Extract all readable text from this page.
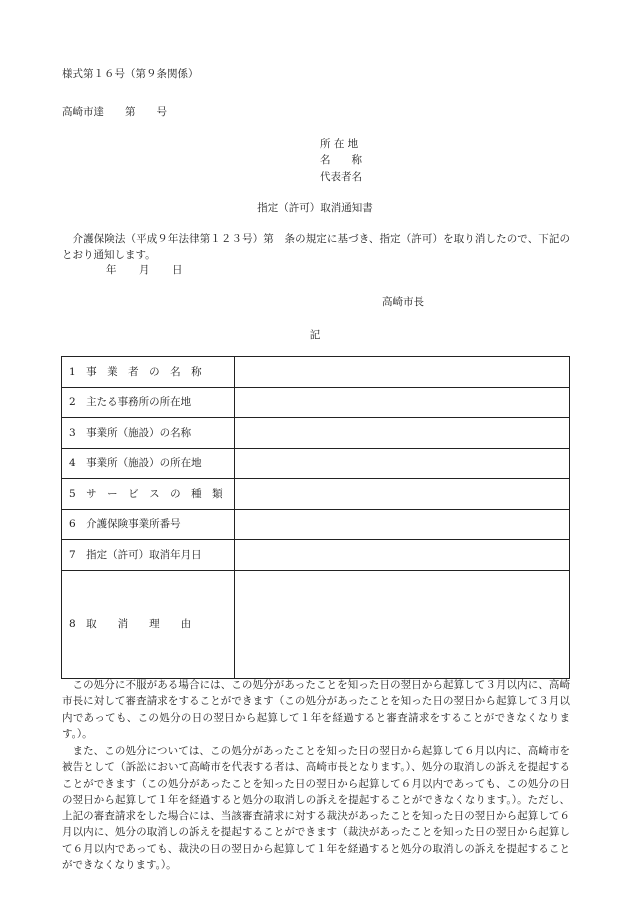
様式第１６号（第９条関係）
高崎市達　　第　　号
所 在 地
名　　称
代表者名
指定（許可）取消通知書
介護保険法（平成９年法律第１２３号）第　条の規定に基づき、指定（許可）を取り消したので、下記のとおり通知します。
年　　月　　日
高崎市長
記
1　事　業　者　の　名　称	
2　主たる事務所の所在地	
3　事業所（施設）の名称	
4　事業所（施設）の所在地	
5　サ　ー　ビ　ス　の　種　類	
6　介護保険事業所番号	
7　指定（許可）取消年月日	
8　取　　消　　理　　由	
この処分に不服がある場合には、この処分があったことを知った日の翌日から起算して３月以内に、高崎市長に対して審査請求をすることができます（この処分があったことを知った日の翌日から起算して３月以内であっても、この処分の日の翌日から起算して１年を経過すると審査請求をすることができなくなります。）。
また、この処分については、この処分があったことを知った日の翌日から起算して６月以内に、高崎市を被告として（訴訟において高崎市を代表する者は、高崎市長となります。）、処分の取消しの訴えを提起することができます（この処分があったことを知った日の翌日から起算して６月以内であっても、この処分の日の翌日から起算して１年を経過すると処分の取消しの訴えを提起することができなくなります。）。ただし、上記の審査請求をした場合には、当該審査請求に対する裁決があったことを知った日の翌日から起算して６月以内に、処分の取消しの訴えを提起することができます（裁決があったことを知った日の翌日から起算して６月以内であっても、裁決の日の翌日から起算して１年を経過すると処分の取消しの訴えを提起することができなくなります。）。
